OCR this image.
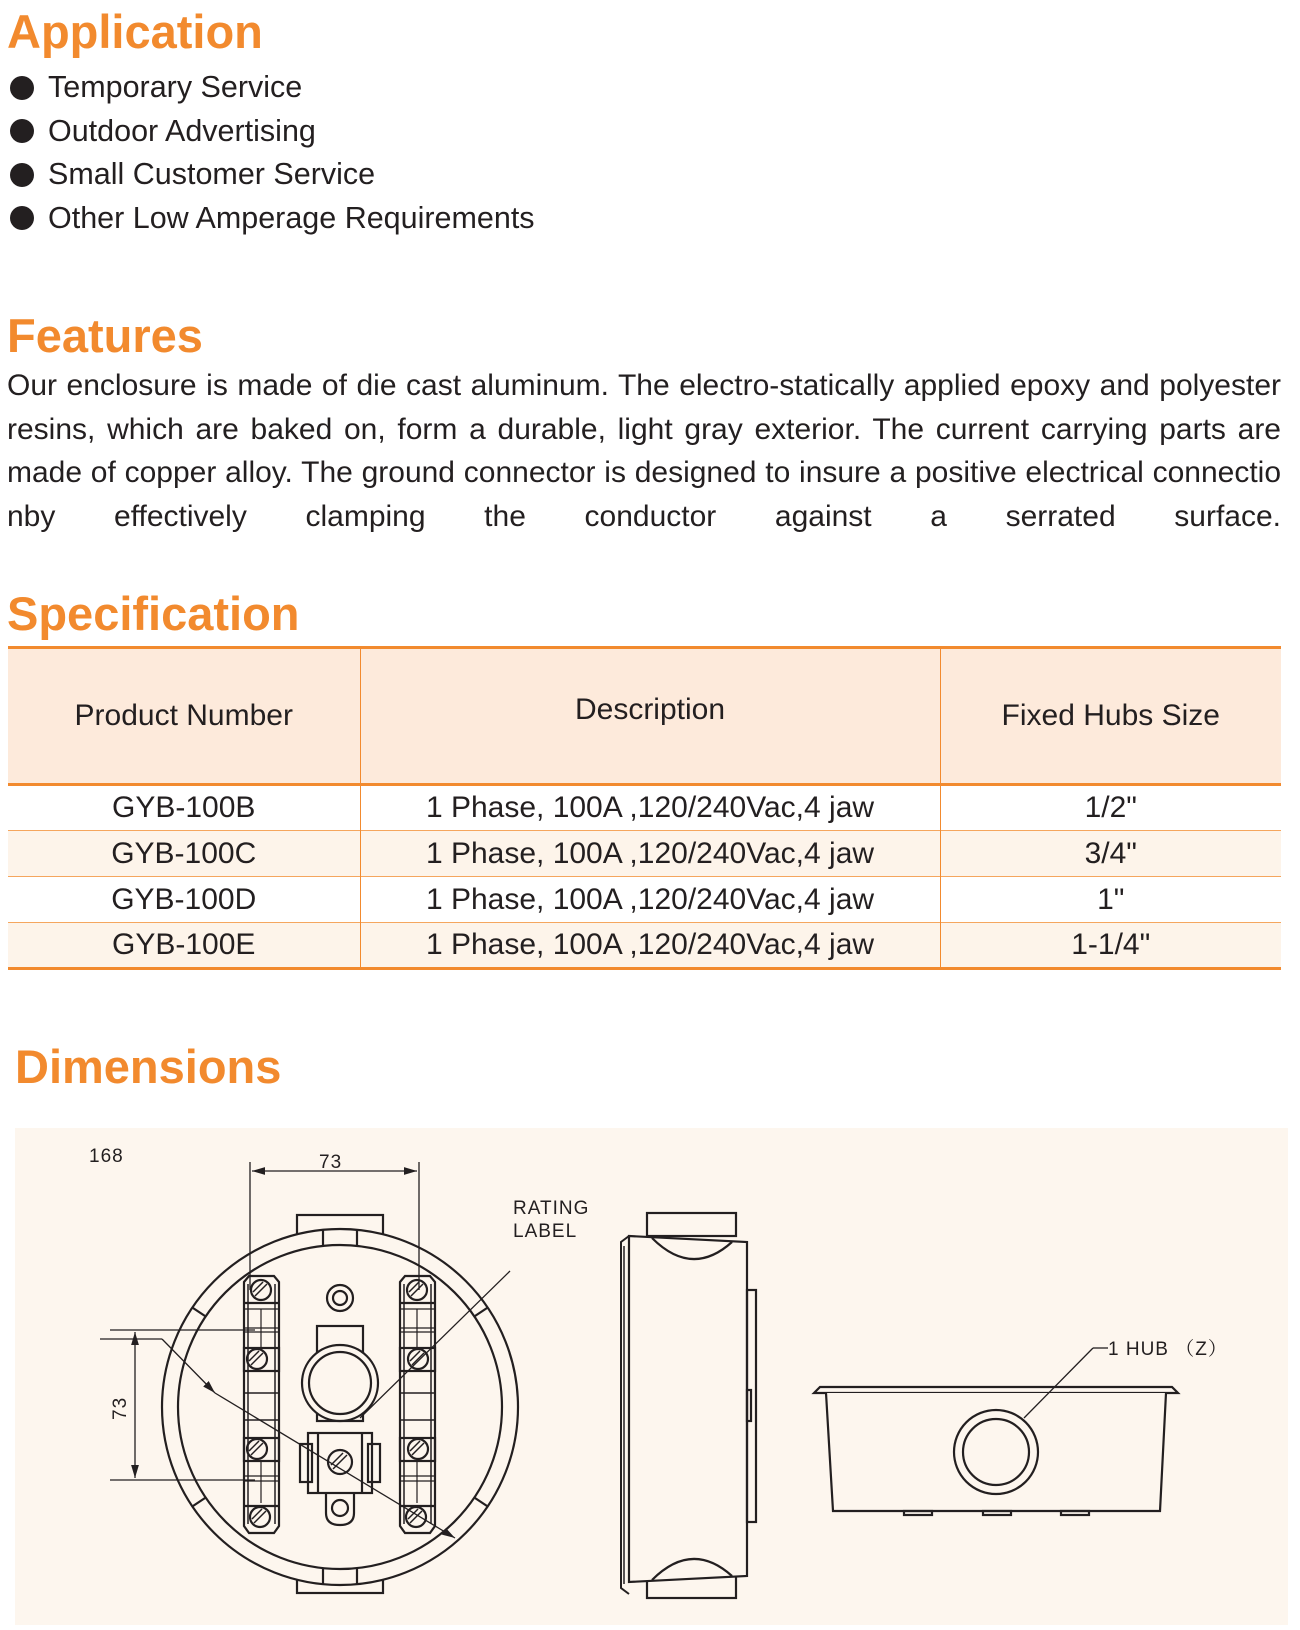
Application
Temporary Service
Outdoor Advertising
Small Customer Service
Other Low Amperage Requirements
Features

Our enclosure is made of die cast aluminum. The electro-statically applied epoxy and polyester resins, which are baked on, form a durable, light gray exterior. The current carrying parts are made of copper alloy. The ground connector is designed to insure a positive electrical connectio nby effectively clamping the conductor against a serrated surface.

Specification
Product Number	Description	Fixed Hubs Size
GYB-100B	1 Phase, 100A ,120/240Vac,4 jaw	1/2"
GYB-100C	1 Phase, 100A ,120/240Vac,4 jaw	3/4"
GYB-100D	1 Phase, 100A ,120/240Vac,4 jaw	1"
GYB-100E	1 Phase, 100A ,120/240Vac,4 jaw	1-1/4"
Dimensions
73
168
73
RATING
LABEL
1 HUB （Z）
